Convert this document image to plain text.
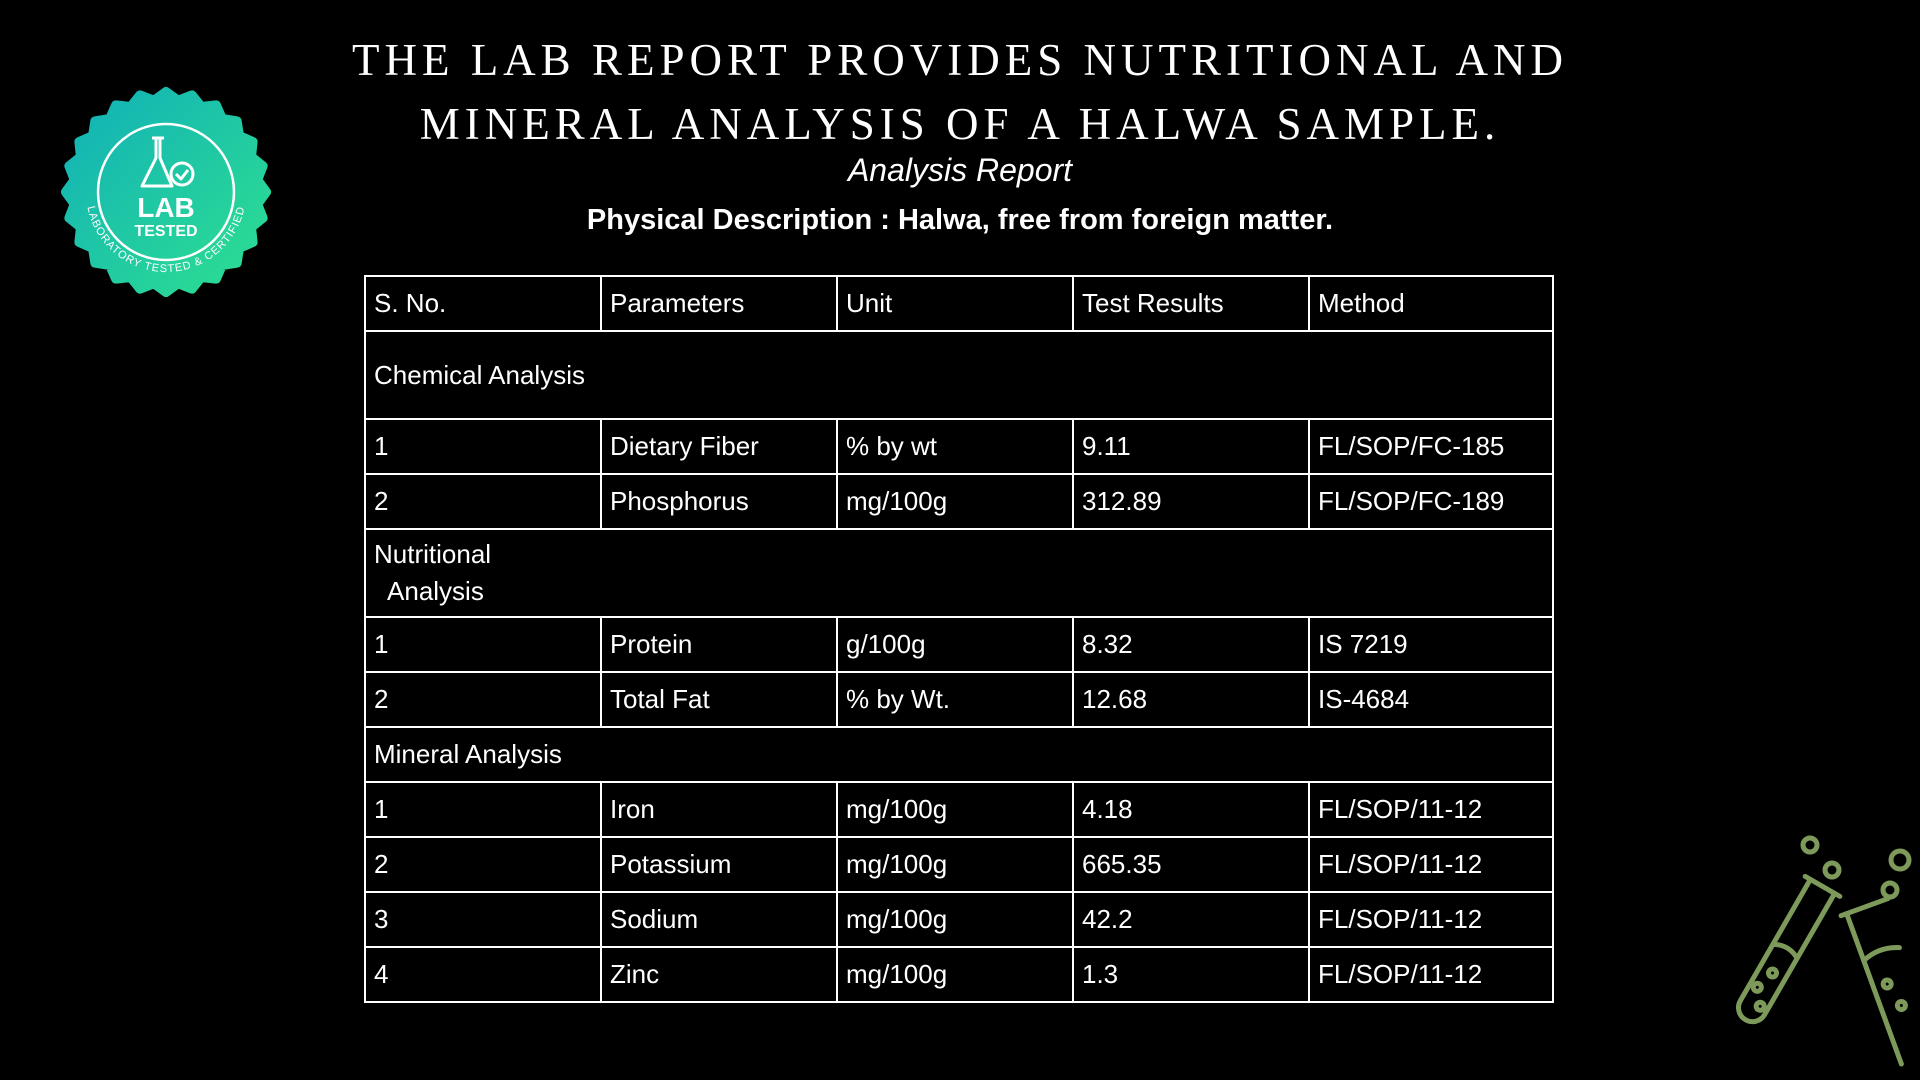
LAB
TESTED
LABORATORY TESTED & CERTIFIED
THE LAB REPORT PROVIDES NUTRITIONAL AND
MINERAL ANALYSIS OF A HALWA SAMPLE.
Analysis Report
Physical Description : Halwa, free from foreign matter.
S. No.	Parameters	Unit	Test Results	Method
Chemical Analysis				
1	Dietary Fiber	% by wt	9.11	FL/SOP/FC-185
2	Phosphorus	mg/100g	312.89	FL/SOP/FC-189
Nutritional
Analysis				
1	Protein	g/100g	8.32	IS 7219
2	Total Fat	% by Wt.	12.68	IS-4684
Mineral Analysis				
1	Iron	mg/100g	4.18	FL/SOP/11-12
2	Potassium	mg/100g	665.35	FL/SOP/11-12
3	Sodium	mg/100g	42.2	FL/SOP/11-12
4	Zinc	mg/100g	1.3	FL/SOP/11-12
